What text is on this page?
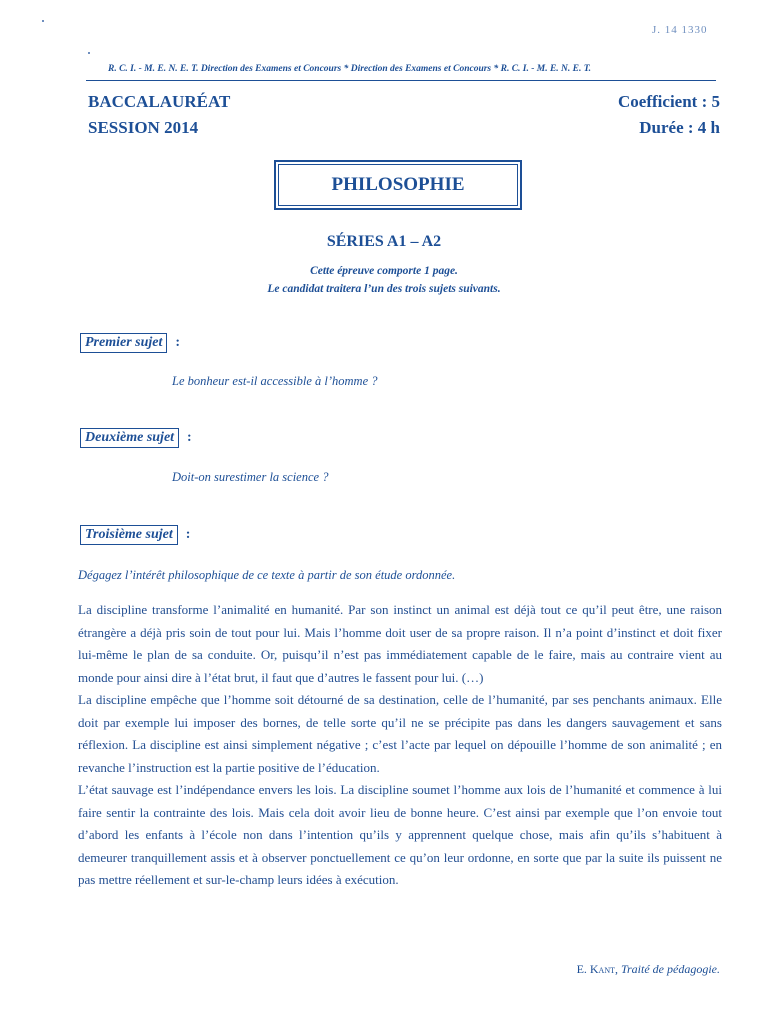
J. 14 1330
R. C. I. - M. E. N. E. T. Direction des Examens et Concours * Direction des Examens et Concours * R. C. I. - M. E. N. E. T.
BACCALAURÉAT
SESSION 2014
Coefficient : 5
Durée : 4 h
PHILOSOPHIE
SÉRIES A1 – A2
Cette épreuve comporte 1 page.
Le candidat traitera l’un des trois sujets suivants.
Premier sujet :
Le bonheur est-il accessible à l’homme ?
Deuxième sujet :
Doit-on surestimer la science ?
Troisième sujet :
Dégagez l’intérêt philosophique de ce texte à partir de son étude ordonnée.

La discipline transforme l’animalité en humanité. Par son instinct un animal est déjà tout ce qu’il peut être, une raison étrangère a déjà pris soin de tout pour lui. Mais l’homme doit user de sa propre raison. Il n’a point d’instinct et doit fixer lui-même le plan de sa conduite. Or, puisqu’il n’est pas immédiatement capable de le faire, mais au contraire vient au monde pour ainsi dire à l’état brut, il faut que d’autres le fassent pour lui. (…)

La discipline empêche que l’homme soit détourné de sa destination, celle de l’humanité, par ses penchants animaux. Elle doit par exemple lui imposer des bornes, de telle sorte qu’il ne se précipite pas dans les dangers sauvagement et sans réflexion. La discipline est ainsi simplement négative ; c’est l’acte par lequel on dépouille l’homme de son animalité ; en revanche l’instruction est la partie positive de l’éducation.

L’état sauvage est l’indépendance envers les lois. La discipline soumet l’homme aux lois de l’humanité et commence à lui faire sentir la contrainte des lois. Mais cela doit avoir lieu de bonne heure. C’est ainsi par exemple que l’on envoie tout d’abord les enfants à l’école non dans l’intention qu’ils y apprennent quelque chose, mais afin qu’ils s’habituent à demeurer tranquillement assis et à observer ponctuellement ce qu’on leur ordonne, en sorte que par la suite ils puissent ne pas mettre réellement et sur-le-champ leurs idées à exécution.

E. Kant, Traité de pédagogie.
